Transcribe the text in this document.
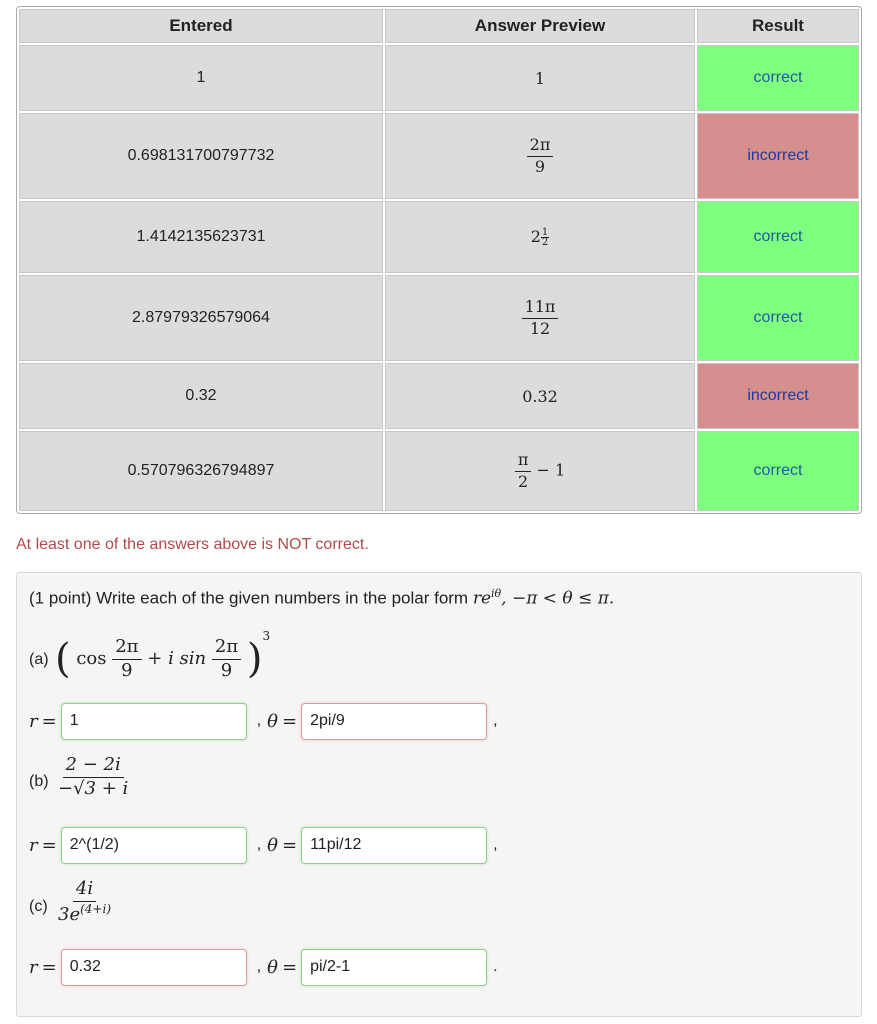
Entered	Answer Preview	Result
1	1	correct
0.698131700797732	$\frac{2\pi}{9}$	incorrect
1.4142135623731	$2 \frac{1}{2}$	correct
2.87979326579064	$\frac{11\pi}{12}$	correct
0.32	0.32	incorrect
0.570796326794897	$\frac{\pi}{2} - 1$	correct
At least one of the answers above is NOT correct.
(1 point) Write each of the given numbers in the polar form $re^{i\theta}$, −π < θ ≤ π.
(a) ( $\cos \frac{2\pi}{9} + i$ $\sin \frac{2\pi}{9} )^3$
r = 1	, θ = 2pi/9	,
$(b) \frac{2 - 2i}{-√3 + i}$
r = 2^(1/2)	, θ = 11pi/12	,
$(c) \frac{4i}{3e^{(4+i)}}$
r = 0.32	, θ = pi/2-1	.
